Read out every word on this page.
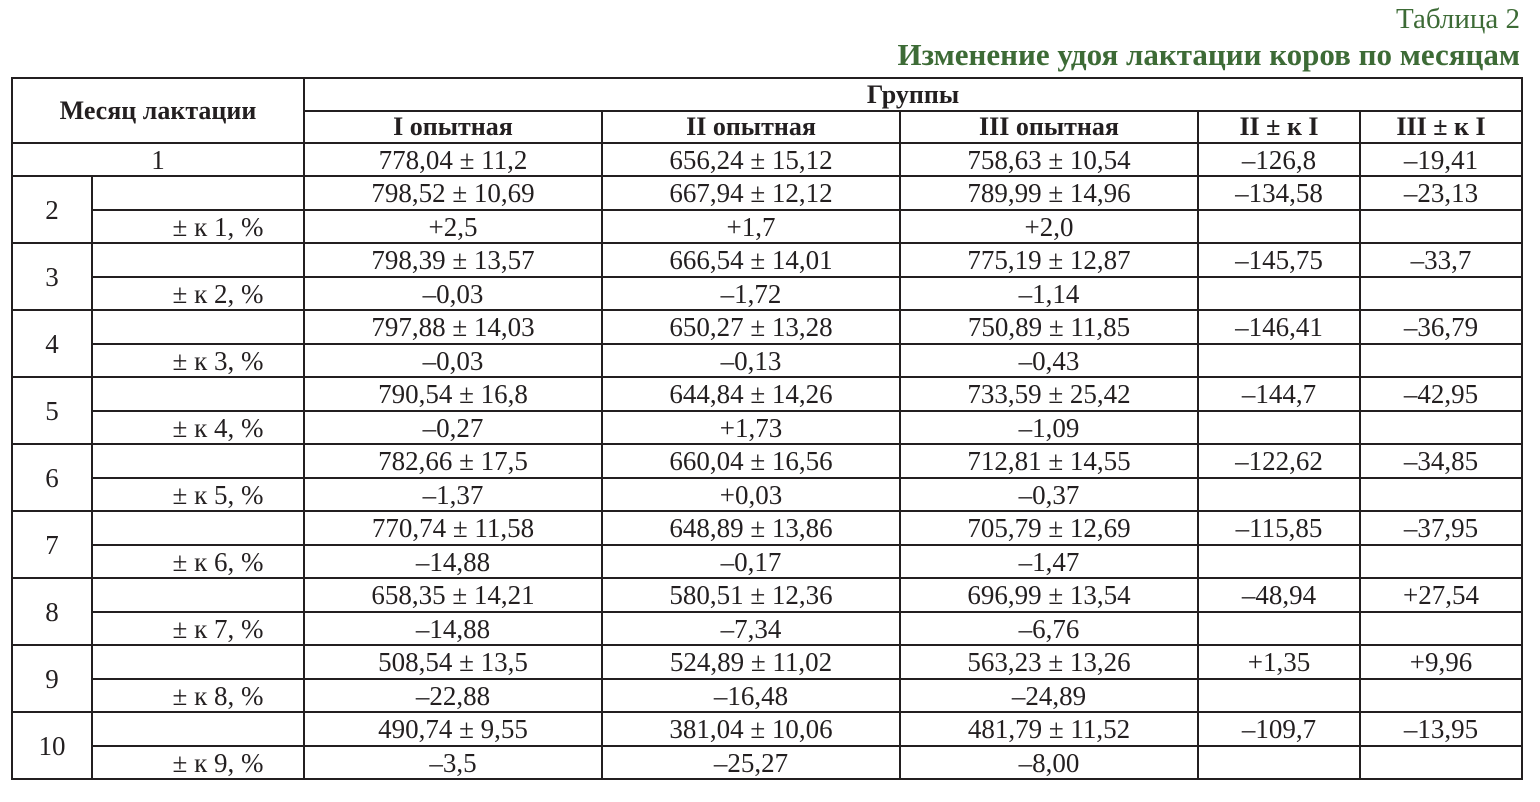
Таблица 2
Изменение удоя лактации коров по месяцам
Месяц лактации		Группы				
		I опытная	II опытная	III опытная	II ± к I	III ± к I
1		778,04 ± 11,2	656,24 ± 15,12	758,63 ± 10,54	–126,8	–19,41
2		798,52 ± 10,69	667,94 ± 12,12	789,99 ± 14,96	–134,58	–23,13
	± к 1, %	+2,5	+1,7	+2,0		
3		798,39 ± 13,57	666,54 ± 14,01	775,19 ± 12,87	–145,75	–33,7
	± к 2, %	–0,03	–1,72	–1,14		
4		797,88 ± 14,03	650,27 ± 13,28	750,89 ± 11,85	–146,41	–36,79
	± к 3, %	–0,03	–0,13	–0,43		
5		790,54 ± 16,8	644,84 ± 14,26	733,59 ± 25,42	–144,7	–42,95
	± к 4, %	–0,27	+1,73	–1,09		
6		782,66 ± 17,5	660,04 ± 16,56	712,81 ± 14,55	–122,62	–34,85
	± к 5, %	–1,37	+0,03	–0,37		
7		770,74 ± 11,58	648,89 ± 13,86	705,79 ± 12,69	–115,85	–37,95
	± к 6, %	–14,88	–0,17	–1,47		
8		658,35 ± 14,21	580,51 ± 12,36	696,99 ± 13,54	–48,94	+27,54
	± к 7, %	–14,88	–7,34	–6,76		
9		508,54 ± 13,5	524,89 ± 11,02	563,23 ± 13,26	+1,35	+9,96
	± к 8, %	–22,88	–16,48	–24,89		
10		490,74 ± 9,55	381,04 ± 10,06	481,79 ± 11,52	–109,7	–13,95
	± к 9, %	–3,5	–25,27	–8,00		
